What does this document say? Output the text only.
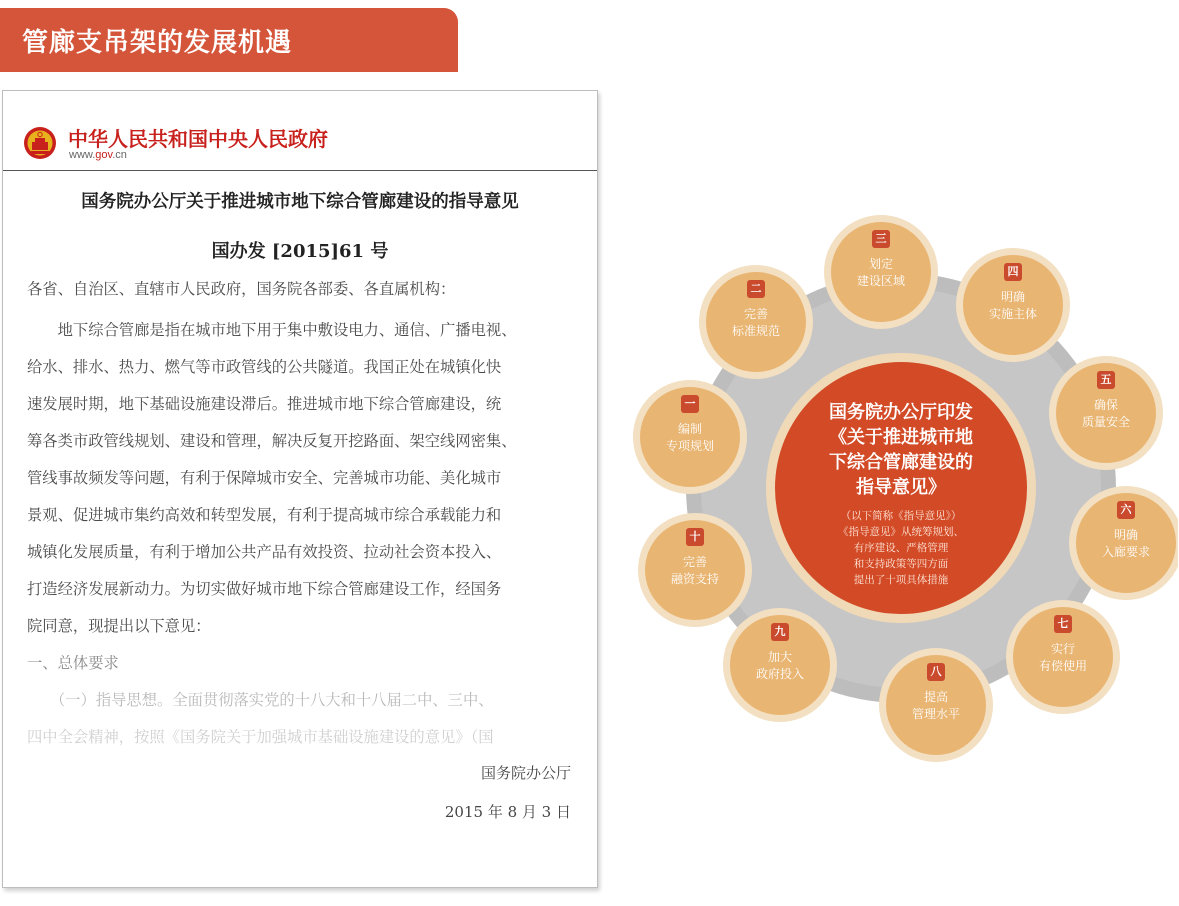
管廊支吊架的发展机遇
中华人民共和国中央人民政府
www.gov.cn
国务院办公厅关于推进城市地下综合管廊建设的指导意见
国办发 [2015]61 号
各省、自治区、直辖市人民政府，国务院各部委、各直属机构：
　　地下综合管廊是指在城市地下用于集中敷设电力、通信、广播电视、
给水、排水、热力、燃气等市政管线的公共隧道。我国正处在城镇化快
速发展时期，地下基础设施建设滞后。推进城市地下综合管廊建设，统
筹各类市政管线规划、建设和管理，解决反复开挖路面、架空线网密集、
管线事故频发等问题，有利于保障城市安全、完善城市功能、美化城市
景观、促进城市集约高效和转型发展，有利于提高城市综合承载能力和
城镇化发展质量，有利于增加公共产品有效投资、拉动社会资本投入、
打造经济发展新动力。为切实做好城市地下综合管廊建设工作，经国务
院同意，现提出以下意见：
一、总体要求
　　（一）指导思想。全面贯彻落实党的十八大和十八届二中、三中、
四中全会精神，按照《国务院关于加强城市基础设施建设的意见》（国
国务院办公厅
2015 年 8 月 3 日
国务院办公厅印发
《关于推进城市地
下综合管廊建设的
指导意见》
（以下简称《指导意见》）
《指导意见》从统筹规划、
有序建设、严格管理
和支持政策等四方面
提出了十项具体措施
一
编制
专项规划
二
完善
标准规范
三
划定
建设区域
四
明确
实施主体
五
确保
质量安全
六
明确
入廊要求
七
实行
有偿使用
八
提高
管理水平
九
加大
政府投入
十
完善
融资支持
